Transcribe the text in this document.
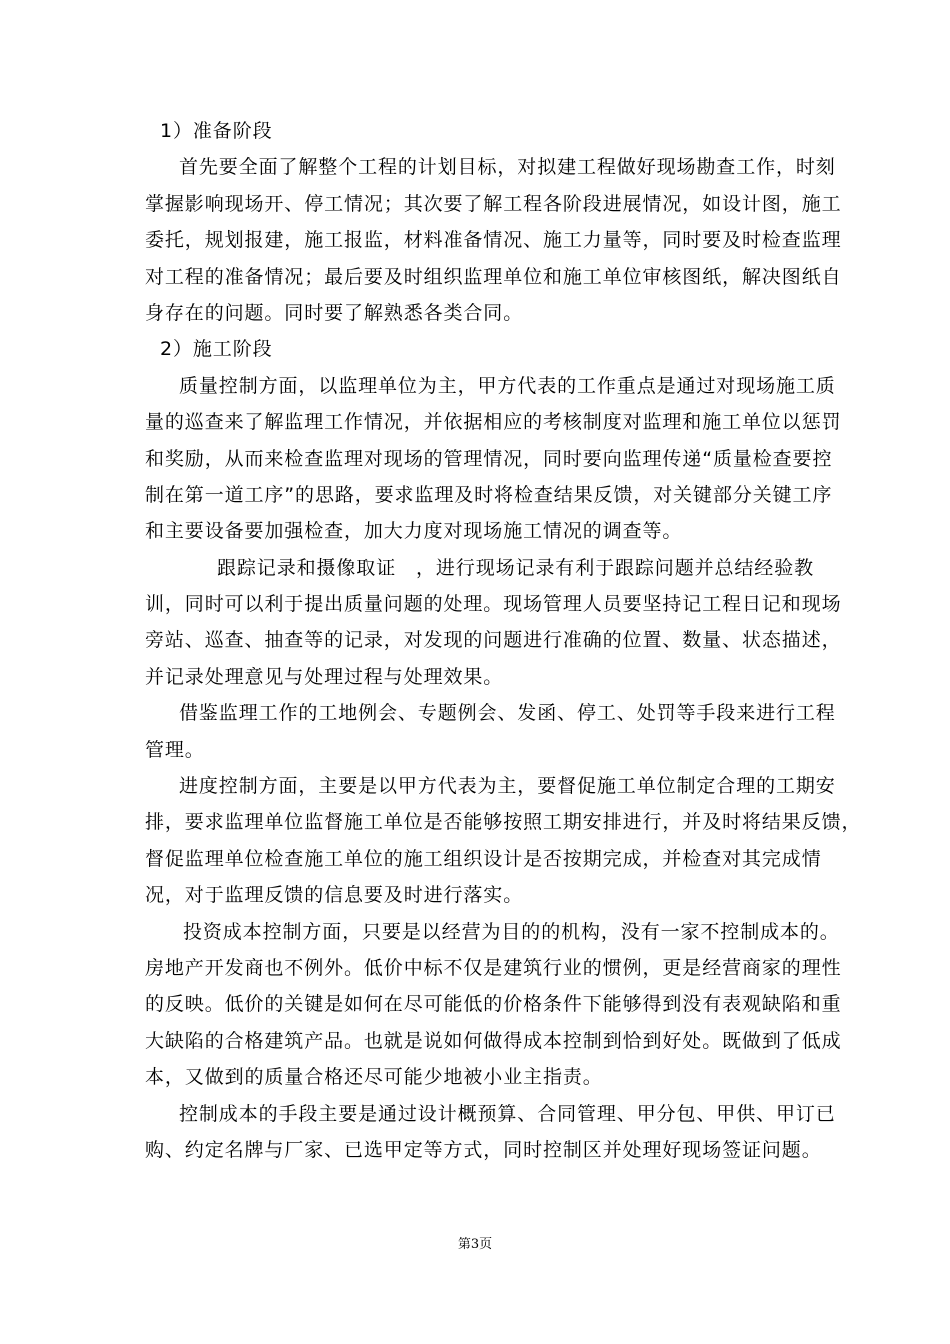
1）准备阶段
首先要全面了解整个工程的计划目标，对拟建工程做好现场勘查工作，时刻
掌握影响现场开、停工情况；其次要了解工程各阶段进展情况，如设计图，施工
委托，规划报建，施工报监，材料准备情况、施工力量等，同时要及时检查监理
对工程的准备情况；最后要及时组织监理单位和施工单位审核图纸，解决图纸自
身存在的问题。同时要了解熟悉各类合同。
2）施工阶段
质量控制方面，以监理单位为主，甲方代表的工作重点是通过对现场施工质
量的巡查来了解监理工作情况，并依据相应的考核制度对监理和施工单位以惩罚
和奖励，从而来检查监理对现场的管理情况，同时要向监理传递“质量检查要控
制在第一道工序”的思路，要求监理及时将检查结果反馈，对关键部分关键工序
和主要设备要加强检查，加大力度对现场施工情况的调查等。
跟踪记录和摄像取证　，进行现场记录有利于跟踪问题并总结经验教
训，同时可以利于提出质量问题的处理。现场管理人员要坚持记工程日记和现场
旁站、巡查、抽查等的记录，对发现的问题进行准确的位置、数量、状态描述，
并记录处理意见与处理过程与处理效果。
借鉴监理工作的工地例会、专题例会、发函、停工、处罚等手段来进行工程
管理。
进度控制方面，主要是以甲方代表为主，要督促施工单位制定合理的工期安
排，要求监理单位监督施工单位是否能够按照工期安排进行，并及时将结果反馈，
督促监理单位检查施工单位的施工组织设计是否按期完成，并检查对其完成情
况，对于监理反馈的信息要及时进行落实。
投资成本控制方面，只要是以经营为目的的机构，没有一家不控制成本的。
房地产开发商也不例外。低价中标不仅是建筑行业的惯例，更是经营商家的理性
的反映。低价的关键是如何在尽可能低的价格条件下能够得到没有表观缺陷和重
大缺陷的合格建筑产品。也就是说如何做得成本控制到恰到好处。既做到了低成
本，又做到的质量合格还尽可能少地被小业主指责。
控制成本的手段主要是通过设计概预算、合同管理、甲分包、甲供、甲订已
购、约定名牌与厂家、已选甲定等方式，同时控制区并处理好现场签证问题。
第3页
